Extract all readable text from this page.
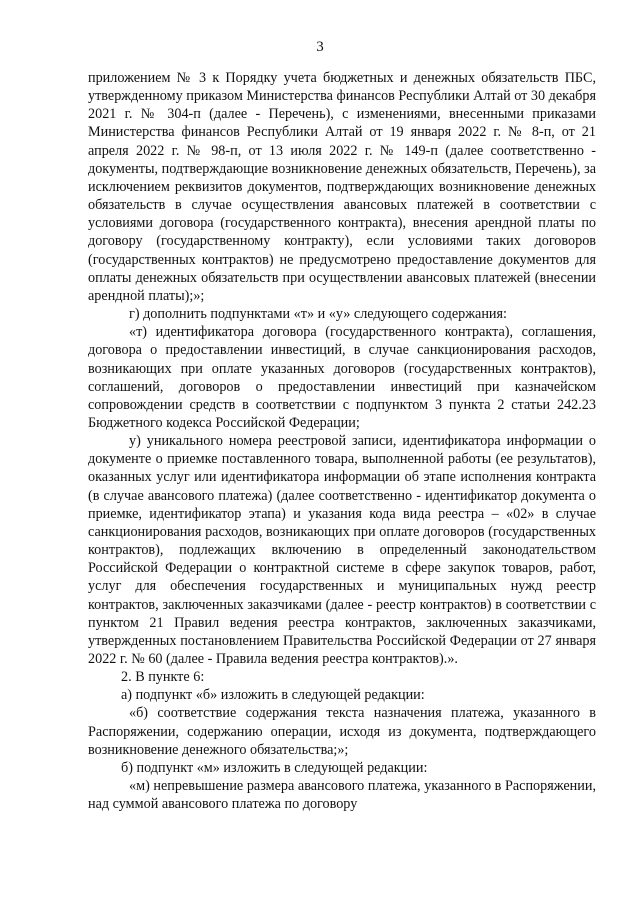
3

приложением № 3 к Порядку учета бюджетных и денежных обязательств ПБС, утвержденному приказом Министерства финансов Республики Алтай от 30 декабря 2021 г. № 304-п (далее - Перечень), с изменениями, внесенными приказами Министерства финансов Республики Алтай от 19 января 2022 г. № 8-п, от 21 апреля 2022 г. № 98-п, от 13 июля 2022 г. № 149-п (далее соответственно - документы, подтверждающие возникновение денежных обязательств, Перечень), за исключением реквизитов документов, подтверждающих возникновение денежных обязательств в случае осуществления авансовых платежей в соответствии с условиями договора (государственного контракта), внесения арендной платы по договору (государственному контракту), если условиями таких договоров (государственных контрактов) не предусмотрено предоставление документов для оплаты денежных обязательств при осуществлении авансовых платежей (внесении арендной платы);»;

г) дополнить подпунктами «т» и «у» следующего содержания:

«т) идентификатора договора (государственного контракта), соглашения, договора о предоставлении инвестиций, в случае санкционирования расходов, возникающих при оплате указанных договоров (государственных контрактов), соглашений, договоров о предоставлении инвестиций при казначейском сопровождении средств в соответствии с подпунктом 3 пункта 2 статьи 242.23 Бюджетного кодекса Российской Федерации;

у) уникального номера реестровой записи, идентификатора информации о документе о приемке поставленного товара, выполненной работы (ее результатов), оказанных услуг или идентификатора информации об этапе исполнения контракта (в случае авансового платежа) (далее соответственно - идентификатор документа о приемке, идентификатор этапа) и указания кода вида реестра – «02» в случае санкционирования расходов, возникающих при оплате договоров (государственных контрактов), подлежащих включению в определенный законодательством Российской Федерации о контрактной системе в сфере закупок товаров, работ, услуг для обеспечения государственных и муниципальных нужд реестр контрактов, заключенных заказчиками (далее - реестр контрактов) в соответствии с пунктом 21 Правил ведения реестра контрактов, заключенных заказчиками, утвержденных постановлением Правительства Российской Федерации от 27 января 2022 г. № 60 (далее - Правила ведения реестра контрактов).».

2. В пункте 6:

а) подпункт «б» изложить в следующей редакции:

«б) соответствие содержания текста назначения платежа, указанного в Распоряжении, содержанию операции, исходя из документа, подтверждающего возникновение денежного обязательства;»;

б) подпункт «м» изложить в следующей редакции:

«м) непревышение размера авансового платежа, указанного в Распоряжении, над суммой авансового платежа по договору
